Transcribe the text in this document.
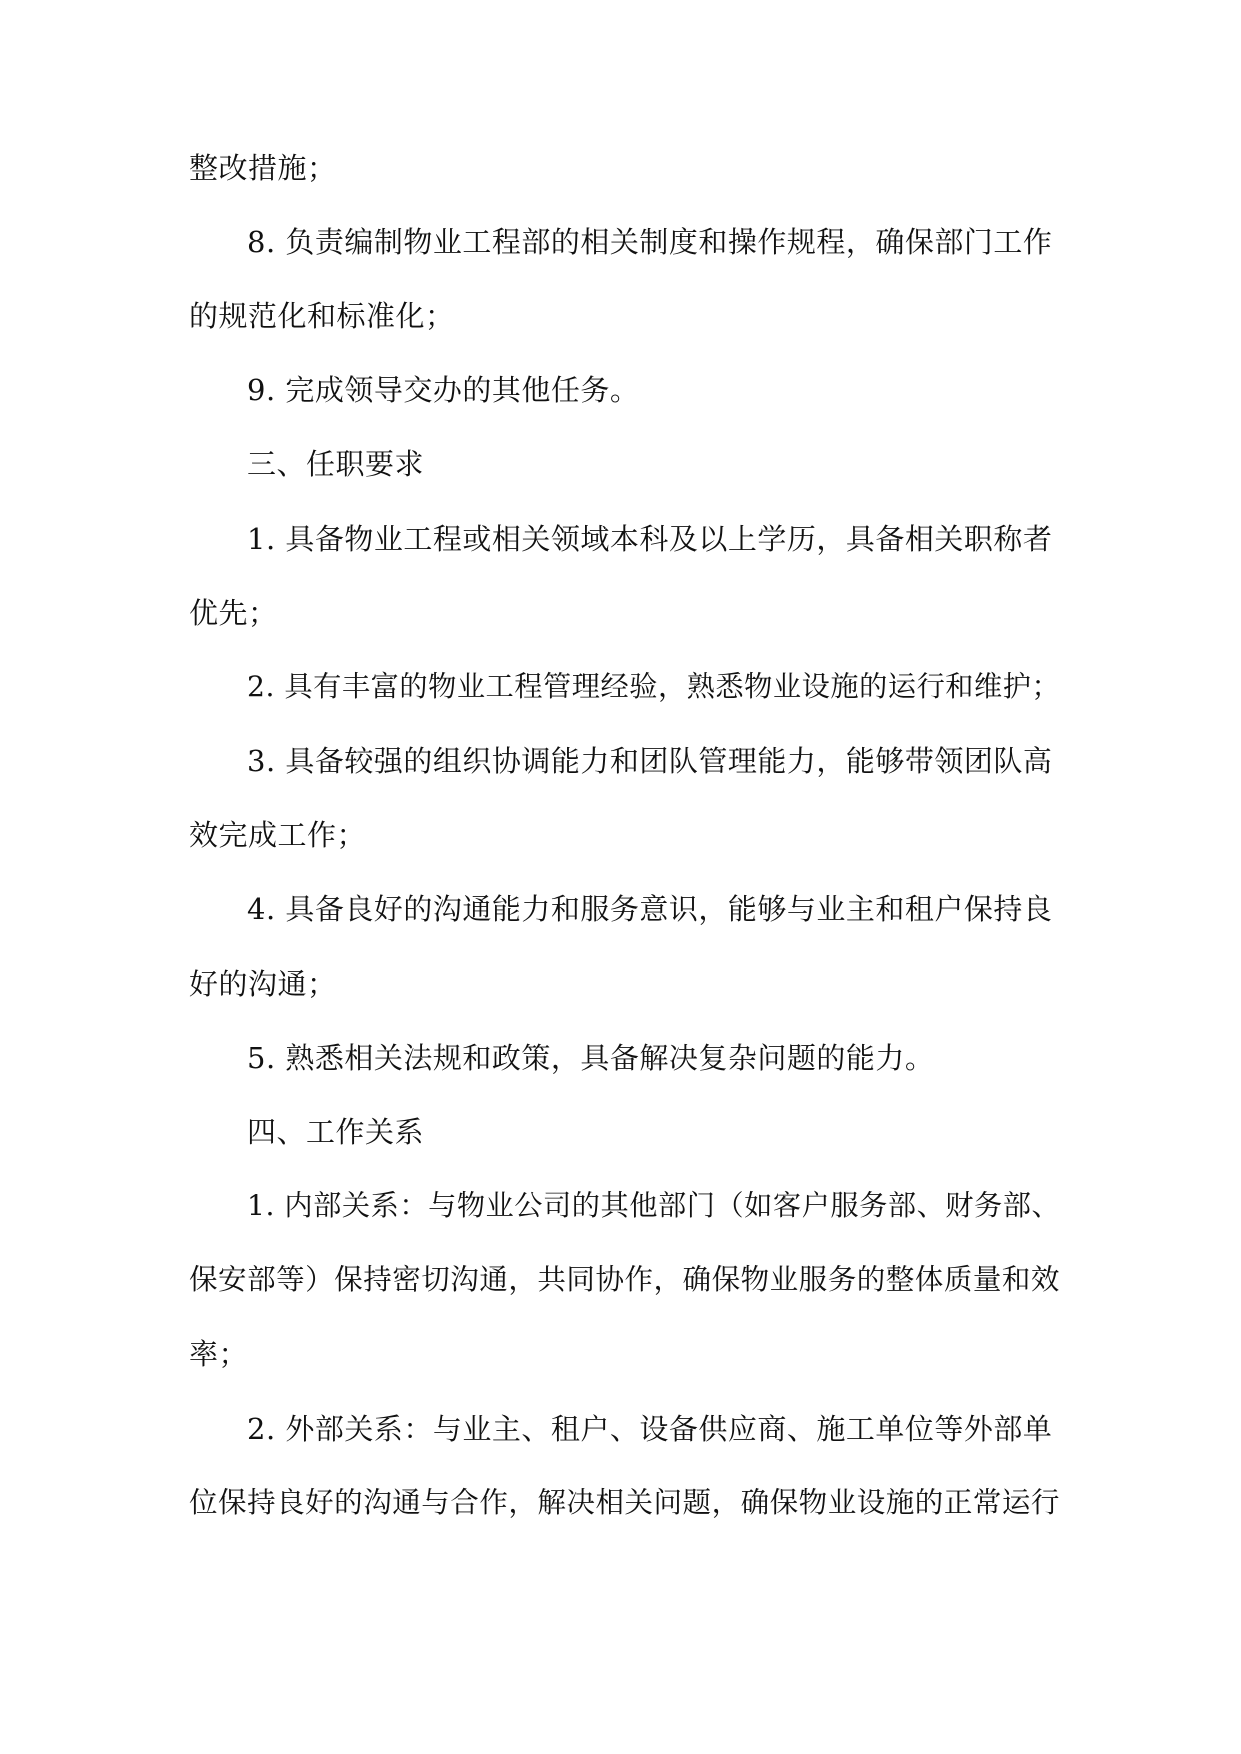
整改措施；
8. 负责编制物业工程部的相关制度和操作规程，确保部门工作
的规范化和标准化；
9. 完成领导交办的其他任务。
三、任职要求
1. 具备物业工程或相关领域本科及以上学历，具备相关职称者
优先；
2. 具有丰富的物业工程管理经验，熟悉物业设施的运行和维护；
3. 具备较强的组织协调能力和团队管理能力，能够带领团队高
效完成工作；
4. 具备良好的沟通能力和服务意识，能够与业主和租户保持良
好的沟通；
5. 熟悉相关法规和政策，具备解决复杂问题的能力。
四、工作关系
1. 内部关系：与物业公司的其他部门（如客户服务部、财务部、
保安部等）保持密切沟通，共同协作，确保物业服务的整体质量和效
率；
2. 外部关系：与业主、租户、设备供应商、施工单位等外部单
位保持良好的沟通与合作，解决相关问题，确保物业设施的正常运行
